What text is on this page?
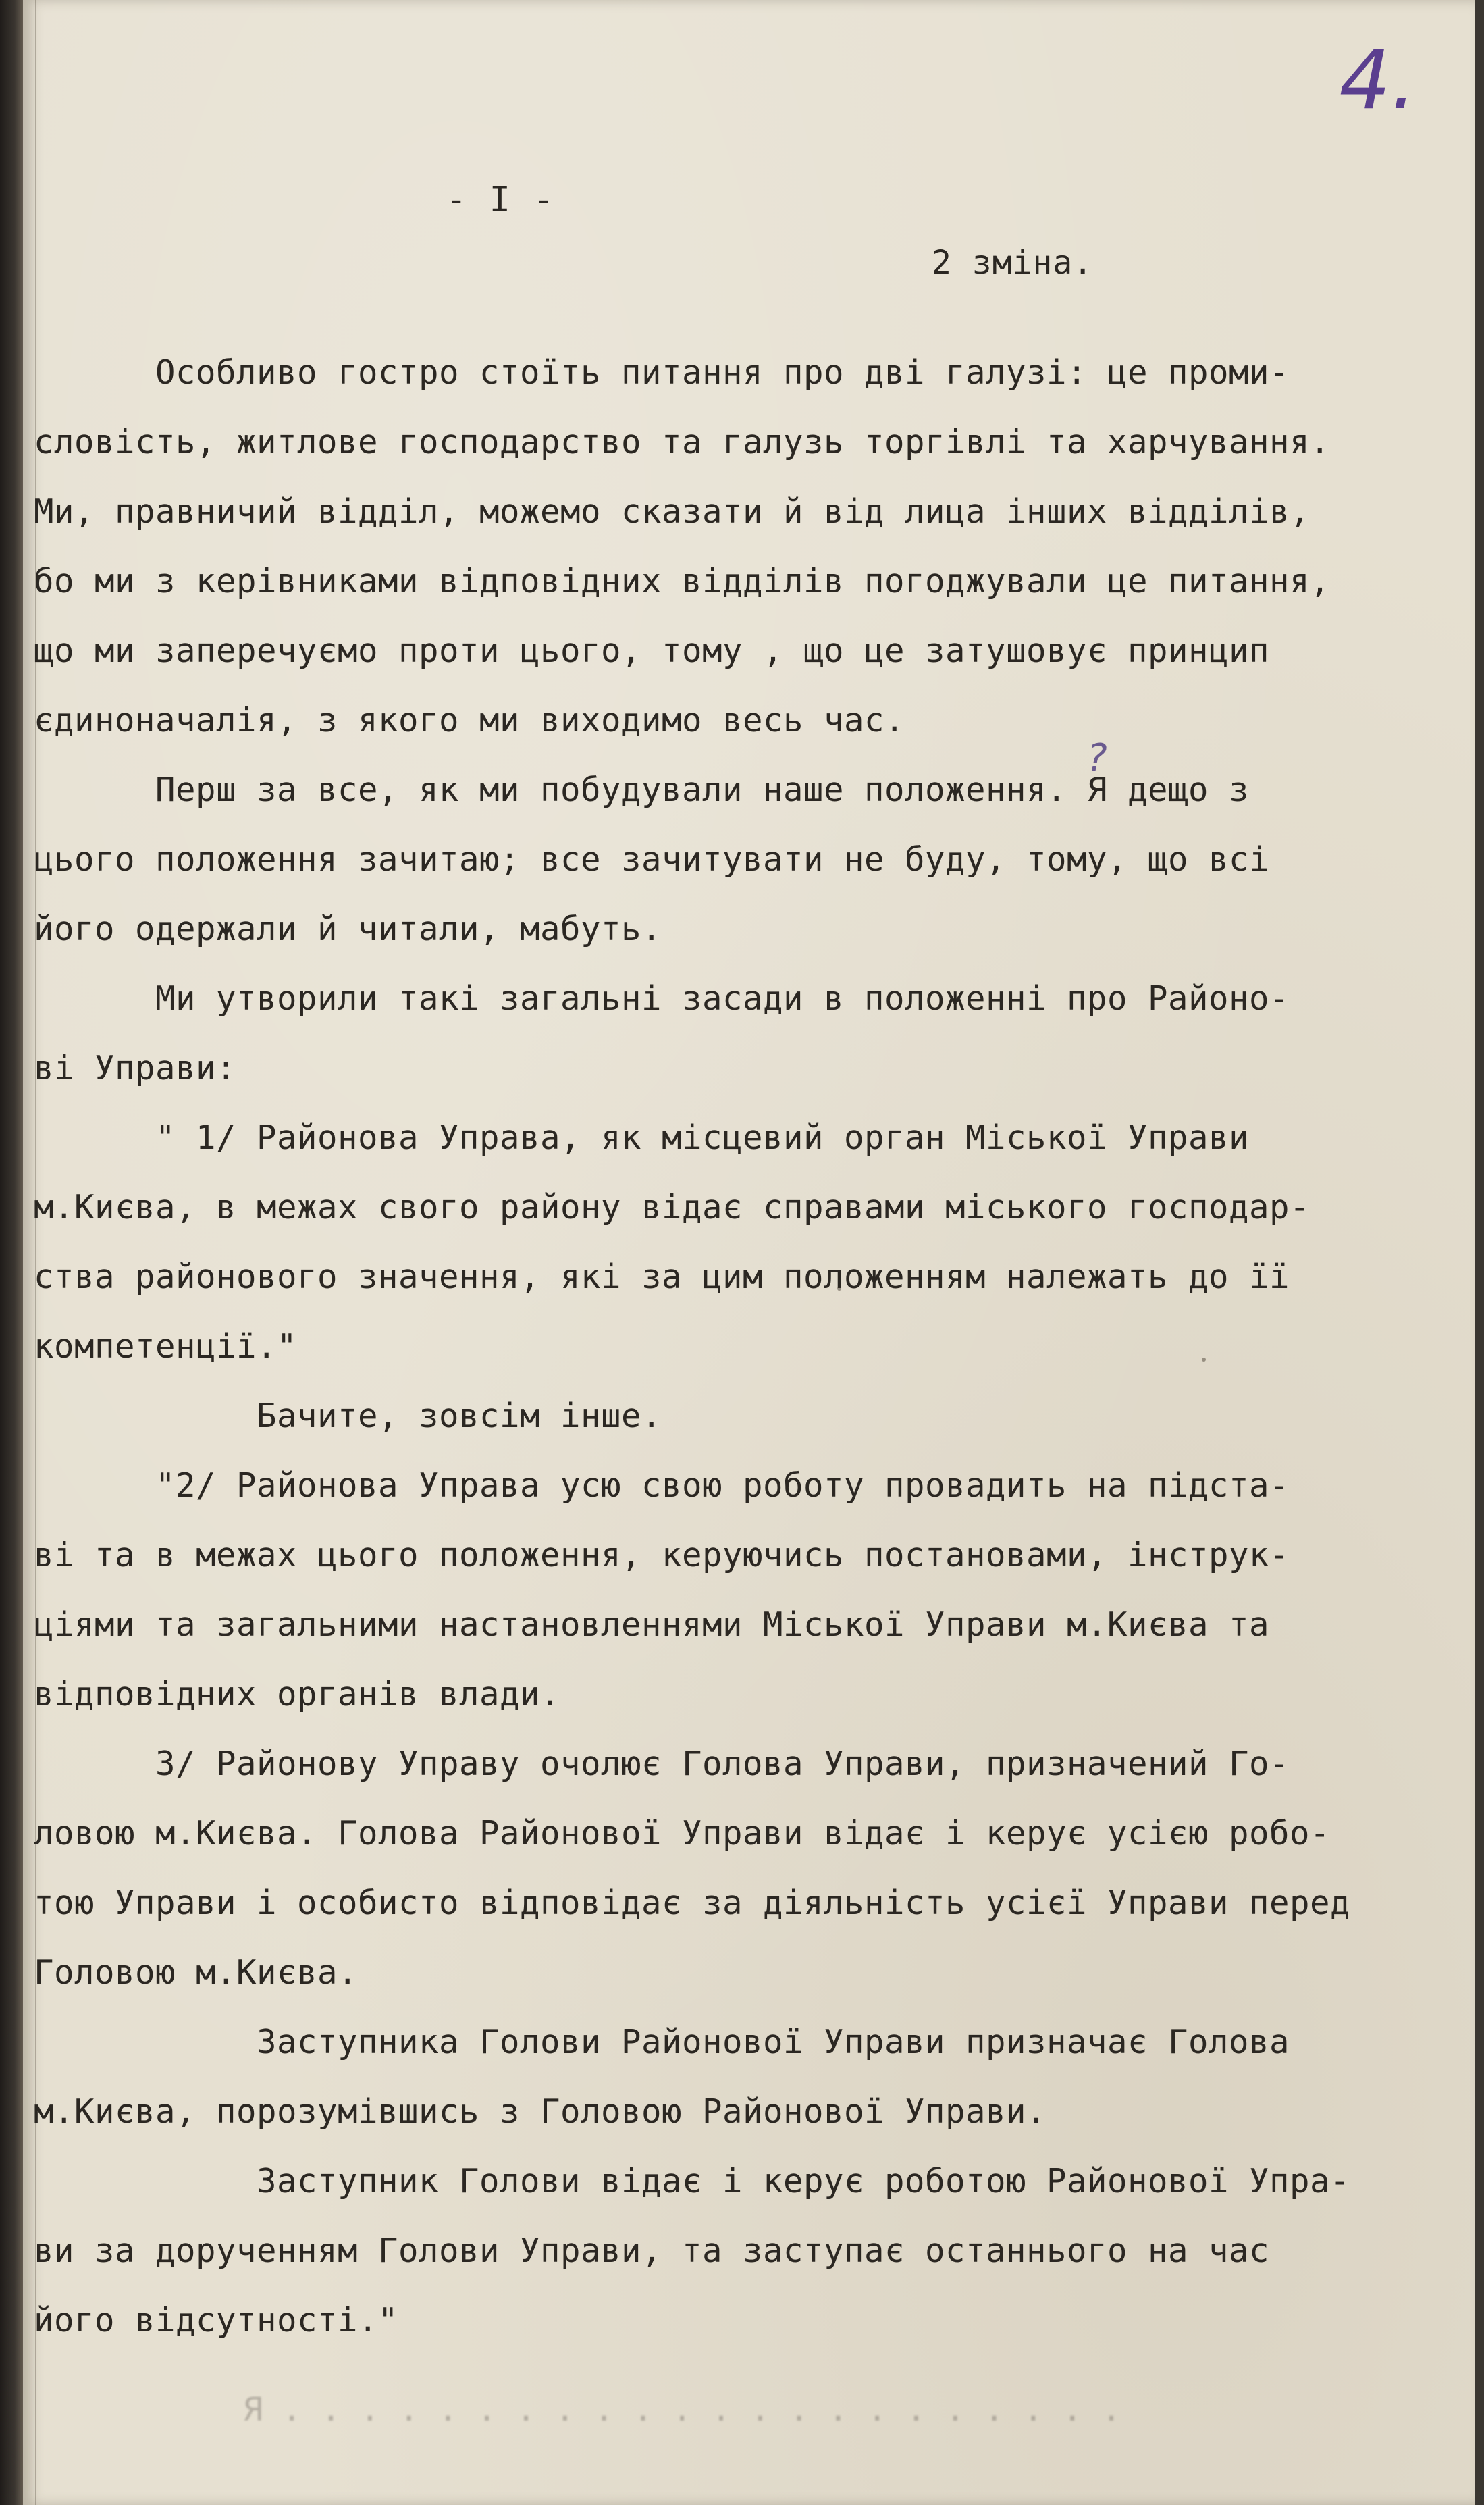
4.
- I -
2 зміна.
?
Особливо гостро стоїть питання про дві галузі: це проми-
словість, житлове господарство та галузь торгівлі та харчування.
Ми, правничий відділ, можемо сказати й від лица інших відділів,
бо ми з керівниками відповідних відділів погоджували це питання,
що ми заперечуємо проти цього, тому , що це затушовує принцип
єдиноначалія, з якого ми виходимо весь час.
Перш за все, як ми побудували наше положення. Я дещо з
цього положення зачитаю; все зачитувати не буду, тому, що всі
його одержали й читали, мабуть.
Ми утворили такі загальні засади в положенні про Районо-
ві Управи:
" 1/ Районова Управа, як місцевий орган Міської Управи
м.Києва, в межах свого району відає справами міського господар-
ства районового значення, які за цим положенням належать до її
компетенції."
Бачите, зовсім інше.
"2/ Районова Управа усю свою роботу провадить на підста-
ві та в межах цього положення, керуючись постановами, інструк-
ціями та загальними настановленнями Міської Управи м.Києва та
відповідних органів влади.
3/ Районову Управу очолює Голова Управи, призначений Го-
ловою м.Києва. Голова Районової Управи відає і керує усією робо-
тою Управи і особисто відповідає за діяльність усієї Управи перед
Головою м.Києва.
Заступника Голови Районової Управи призначає Голова
м.Києва, порозумівшись з Головою Районової Управи.
Заступник Голови відає і керує роботою Районової Упра-
ви за дорученням Голови Управи, та заступає останнього на час
його відсутності."
Я . . . . . . . . . . . . . . . . . . . . . .
